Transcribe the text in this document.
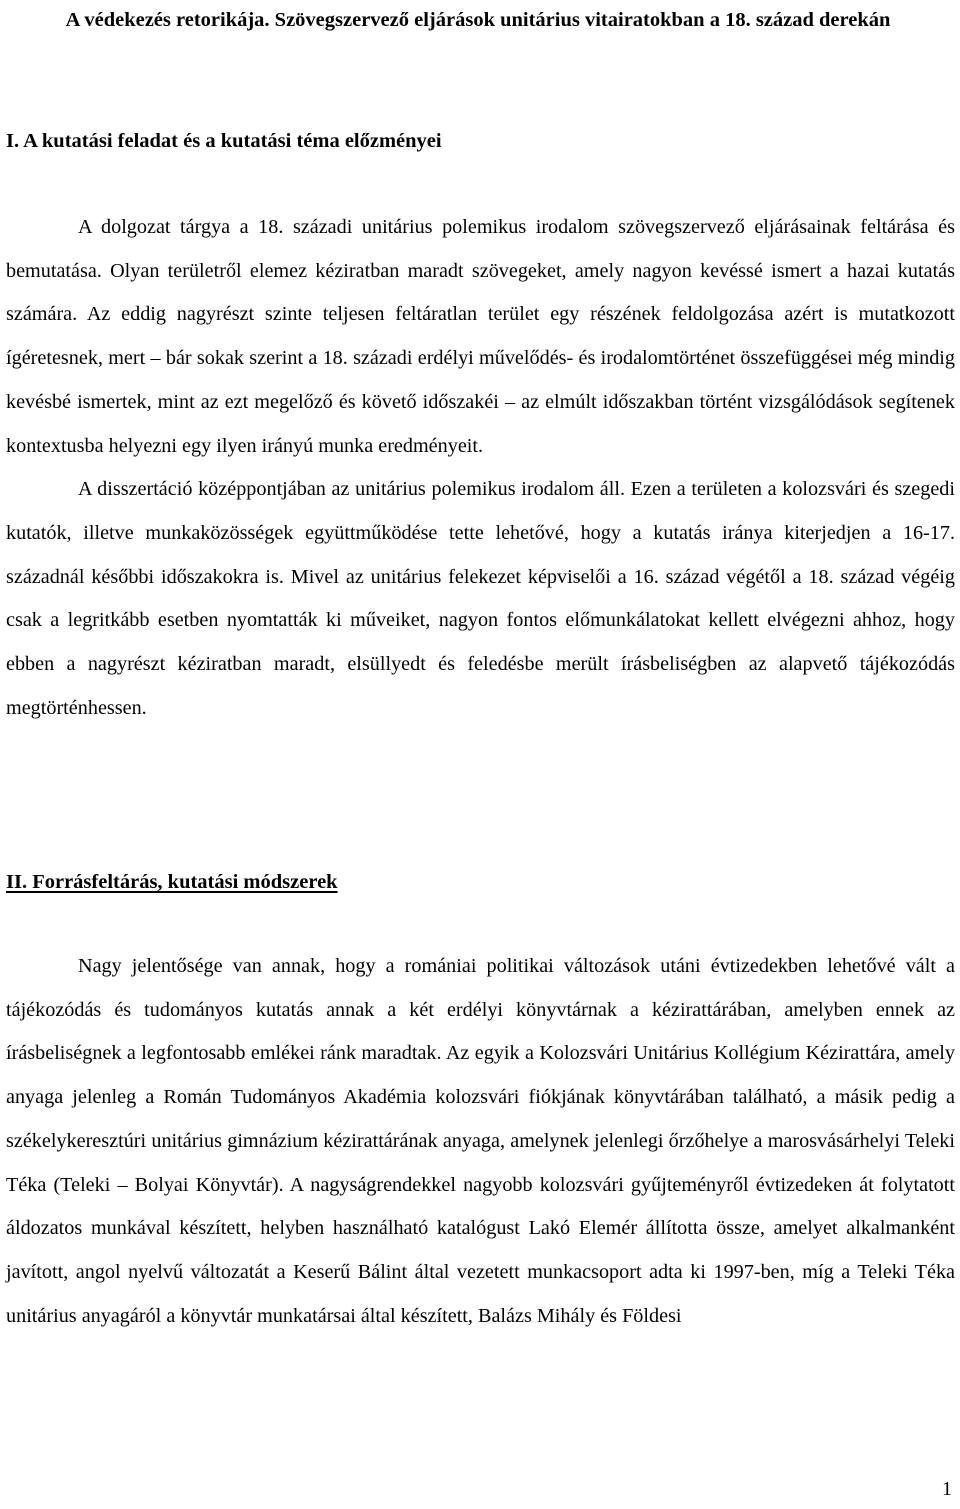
A védekezés retorikája. Szövegszervező eljárások unitárius vitairatokban a 18. század derekán
I. A kutatási feladat és a kutatási téma előzményei

A dolgozat tárgya a 18. századi unitárius polemikus irodalom szövegszervező eljárásainak feltárása és bemutatása. Olyan területről elemez kéziratban maradt szövegeket, amely nagyon kevéssé ismert a hazai kutatás számára. Az eddig nagyrészt szinte teljesen feltáratlan terület egy részének feldolgozása azért is mutatkozott ígéretesnek, mert – bár sokak szerint a 18. századi erdélyi művelődés- és irodalomtörténet összefüggései még mindig kevésbé ismertek, mint az ezt megelőző és követő időszakéi – az elmúlt időszakban történt vizsgálódások segítenek kontextusba helyezni egy ilyen irányú munka eredményeit.

A disszertáció középpontjában az unitárius polemikus irodalom áll. Ezen a területen a kolozsvári és szegedi kutatók, illetve munkaközösségek együttműködése tette lehetővé, hogy a kutatás iránya kiterjedjen a 16-17. századnál későbbi időszakokra is. Mivel az unitárius felekezet képviselői a 16. század végétől a 18. század végéig csak a legritkább esetben nyomtatták ki műveiket, nagyon fontos előmunkálatokat kellett elvégezni ahhoz, hogy ebben a nagyrészt kéziratban maradt, elsüllyedt és feledésbe merült írásbeliségben az alapvető tájékozódás megtörténhessen.

II. Forrásfeltárás, kutatási módszerek

Nagy jelentősége van annak, hogy a romániai politikai változások utáni évtizedekben lehetővé vált a tájékozódás és tudományos kutatás annak a két erdélyi könyvtárnak a kézirattárában, amelyben ennek az írásbeliségnek a legfontosabb emlékei ránk maradtak. Az egyik a Kolozsvári Unitárius Kollégium Kézirattára, amely anyaga jelenleg a Román Tudományos Akadémia kolozsvári fiókjának könyvtárában található, a másik pedig a székelykeresztúri unitárius gimnázium kézirattárának anyaga, amelynek jelenlegi őrzőhelye a marosvásárhelyi Teleki Téka (Teleki – Bolyai Könyvtár). A nagyságrendekkel nagyobb kolozsvári gyűjteményről évtizedeken át folytatott áldozatos munkával készített, helyben használható katalógust Lakó Elemér állította össze, amelyet alkalmanként javított, angol nyelvű változatát a Keserű Bálint által vezetett munkacsoport adta ki 1997-ben, míg a Teleki Téka unitárius anyagáról a könyvtár munkatársai által készített, Balázs Mihály és Földesi

1
